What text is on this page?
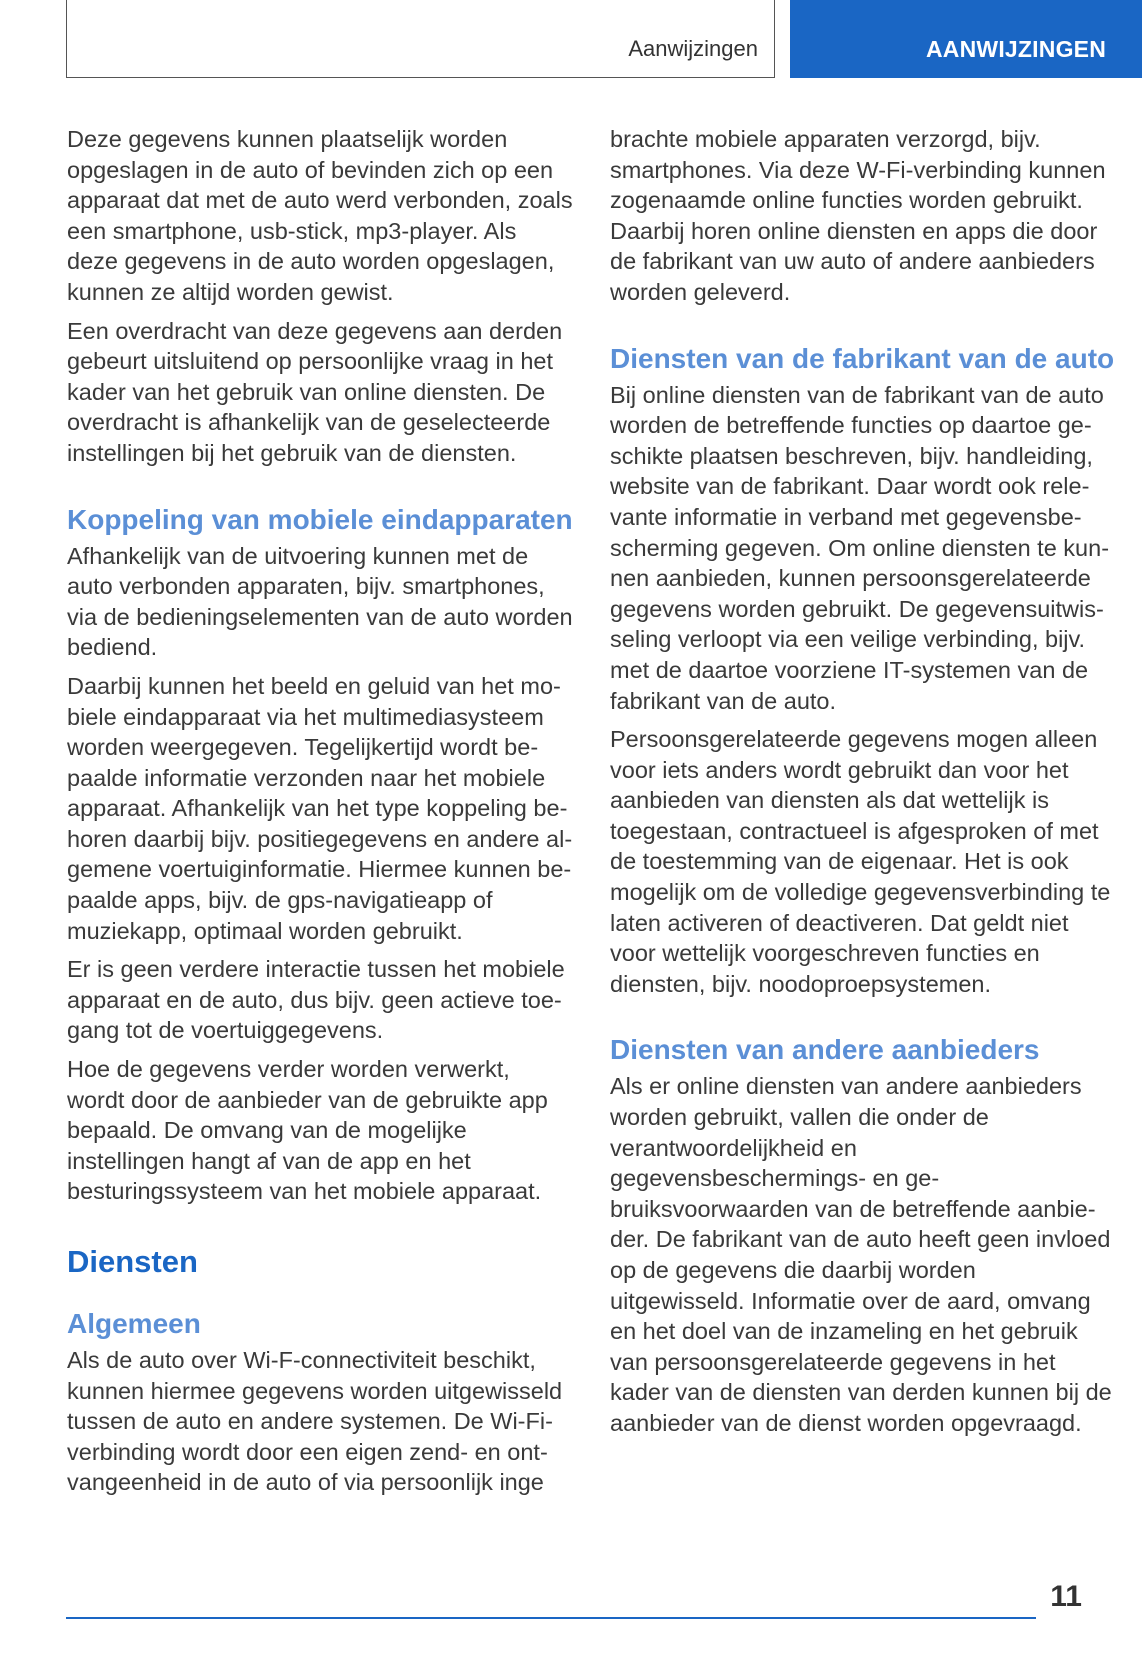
Aanwijzingen	AANWIJZINGEN

Deze gegevens kunnen plaatselijk worden opgeslagen in de auto of bevinden zich op een apparaat dat met de auto werd verbonden, zoals een smartphone, usb-stick, mp3-player. Als deze gegevens in de auto worden opgeslagen, kunnen ze altijd worden gewist.

Een overdracht van deze gegevens aan derden gebeurt uitsluitend op persoonlijke vraag in het kader van het gebruik van online diensten. De overdracht is afhankelijk van de geselecteerde instellingen bij het gebruik van de diensten.

Koppeling van mobiele eindapparaten

Afhankelijk van de uitvoering kunnen met de auto verbonden apparaten, bijv. smartphones, via de bedieningselementen van de auto worden bediend.

Daarbij kunnen het beeld en geluid van het mobiele eindapparaat via het multimediasysteem worden weergegeven. Tegelijkertijd wordt bepaalde informatie verzonden naar het mobiele apparaat. Afhankelijk van het type koppeling behoren daarbij bijv. positiegegevens en andere algemene voertuiginformatie. Hiermee kunnen bepaalde apps, bijv. de gps-navigatieapp of muziekapp, optimaal worden gebruikt.

Er is geen verdere interactie tussen het mobiele apparaat en de auto, dus bijv. geen actieve toegang tot de voertuiggegevens.

Hoe de gegevens verder worden verwerkt, wordt door de aanbieder van de gebruikte app bepaald. De omvang van de mogelijke instellingen hangt af van de app en het besturingssysteem van het mobiele apparaat.

Diensten
Algemeen

Als de auto over Wi-F-connectiviteit beschikt, kunnen hiermee gegevens worden uitgewisseld tussen de auto en andere systemen. De Wi-Fi-verbinding wordt door een eigen zend- en ontvangeenheid in de auto of via persoonlijk inge

brachte mobiele apparaten verzorgd, bijv. smartphones. Via deze W-Fi-verbinding kunnen zogenaamde online functies worden gebruikt. Daarbij horen online diensten en apps die door de fabrikant van uw auto of andere aanbieders worden geleverd.

Diensten van de fabrikant van de auto

Bij online diensten van de fabrikant van de auto worden de betreffende functies op daartoe geschikte plaatsen beschreven, bijv. handleiding, website van de fabrikant. Daar wordt ook relevante informatie in verband met gegevensbescherming gegeven. Om online diensten te kunnen aanbieden, kunnen persoonsgerelateerde gegevens worden gebruikt. De gegevensuitwisseling verloopt via een veilige verbinding, bijv. met de daartoe voorziene IT-systemen van de fabrikant van de auto.

Persoonsgerelateerde gegevens mogen alleen voor iets anders wordt gebruikt dan voor het aanbieden van diensten als dat wettelijk is toegestaan, contractueel is afgesproken of met de toestemming van de eigenaar. Het is ook mogelijk om de volledige gegevensverbinding te laten activeren of deactiveren. Dat geldt niet voor wettelijk voorgeschreven functies en diensten, bijv. noodoproepsystemen.

Diensten van andere aanbieders

Als er online diensten van andere aanbieders worden gebruikt, vallen die onder de verantwoordelijkheid en gegevensbeschermings- en gebruiksvoorwaarden van de betreffende aanbieder. De fabrikant van de auto heeft geen invloed op de gegevens die daarbij worden uitgewisseld. Informatie over de aard, omvang en het doel van de inzameling en het gebruik van persoonsgerelateerde gegevens in het kader van de diensten van derden kunnen bij de aanbieder van de dienst worden opgevraagd.

11
